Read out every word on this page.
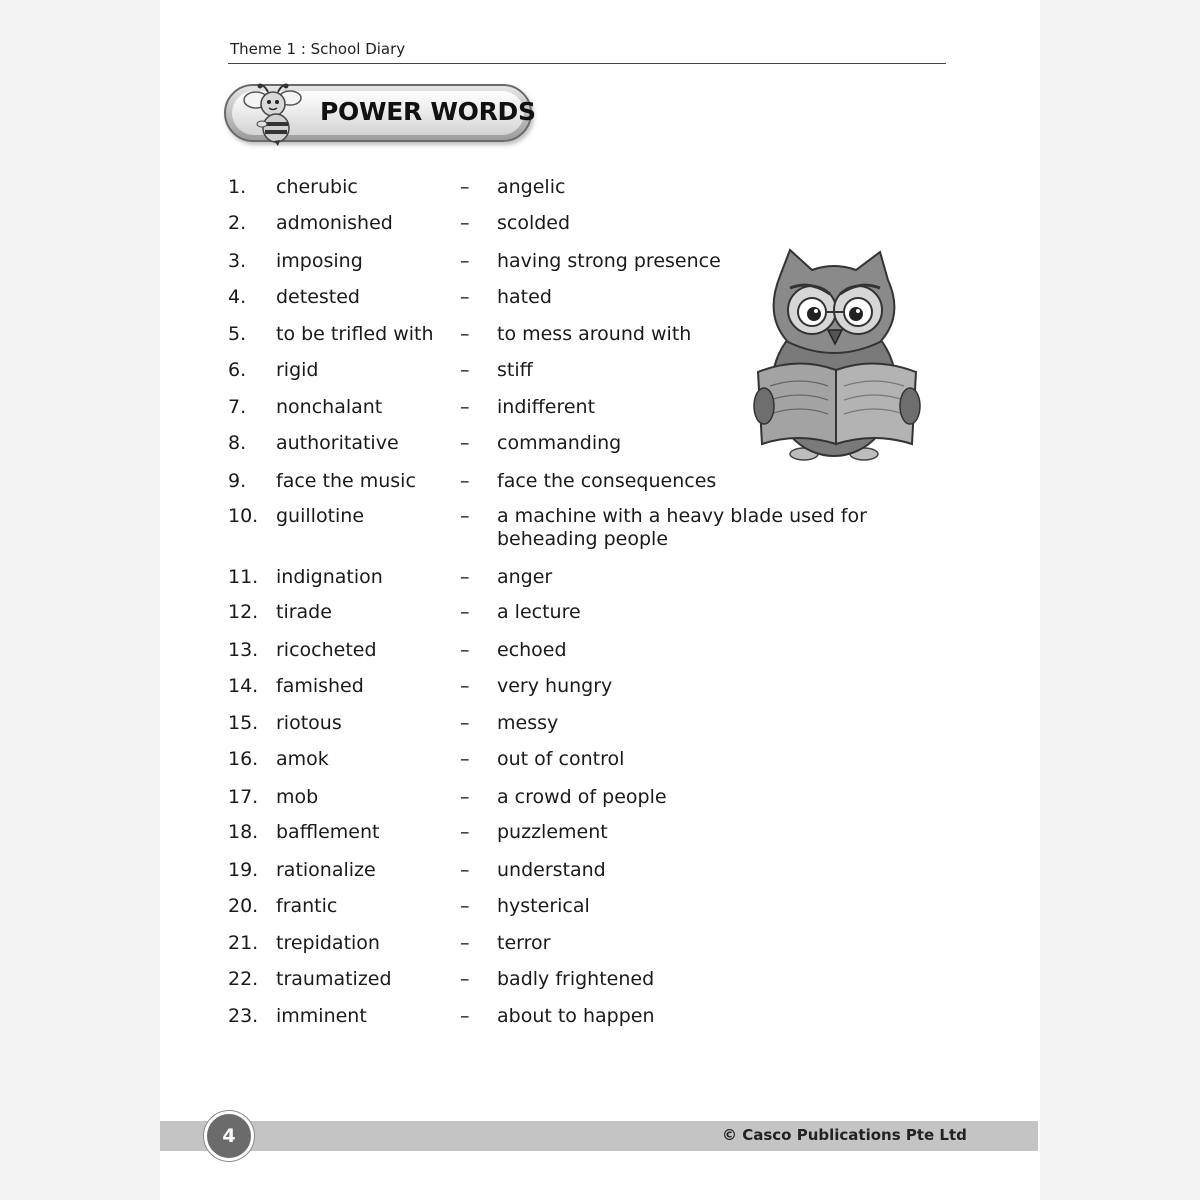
Theme 1 : School Diary
POWER WORDS
1.	cherubic	–	angelic
2.	admonished	–	scolded
3.	imposing	–	having strong presence
4.	detested	–	hated
5.	to be trifled with	–	to mess around with
6.	rigid	–	stiff
7.	nonchalant	–	indifferent
8.	authoritative	–	commanding
9.	face the music	–	face the consequences
10. guillotine	–	a machine with a heavy blade used for beheading people
11. indignation	–	anger
12. tirade	–	a lecture
13. ricocheted	–	echoed
14. famished	–	very hungry
15. riotous	–	messy
16. amok	–	out of control
17. mob	–	a crowd of people
18. bafflement	–	puzzlement
19. rationalize	–	understand
20. frantic	–	hysterical
21. trepidation	–	terror
22. traumatized	–	badly frightened
23. imminent	–	about to happen
4	© Casco Publications Pte Ltd
